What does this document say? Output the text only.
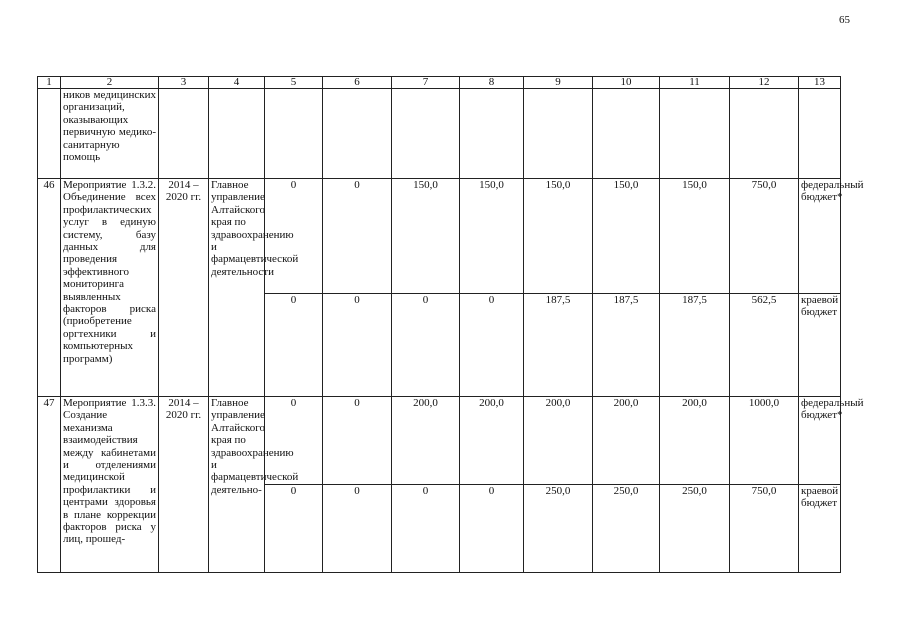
65
1	2	3	4	5	6	7	8	9	10	11	12	13
	ников медицинских организаций, оказывающих первичную медико-санитарную помощь											
46	Мероприятие 1.3.2. Объединение всех профилактических услуг в единую систему, базу данных для проведения эффективного мониторинга выявленных факторов риска (приобретение оргтехники и компьютерных программ)	2014 – 2020 гг.	Главное управление Алтайского края по здравоохранению и фармацевтической деятельности	0	0	150,0	150,0	150,0	150,0	150,0	750,0	федеральный бюджет*
				0	0	0	0	187,5	187,5	187,5	562,5	краевой бюджет
47	Мероприятие 1.3.3. Создание механизма взаимодействия между кабинетами и отделениями медицинской профилактики и центрами здоровья в плане коррекции факторов риска у лиц, прошед-	2014 – 2020 гг.	Главное управление Алтайского края по здравоохранению и фармацевтической деятельно-	0	0	200,0	200,0	200,0	200,0	200,0	1000,0	федеральный бюджет*
				0	0	0	0	250,0	250,0	250,0	750,0	краевой бюджет
